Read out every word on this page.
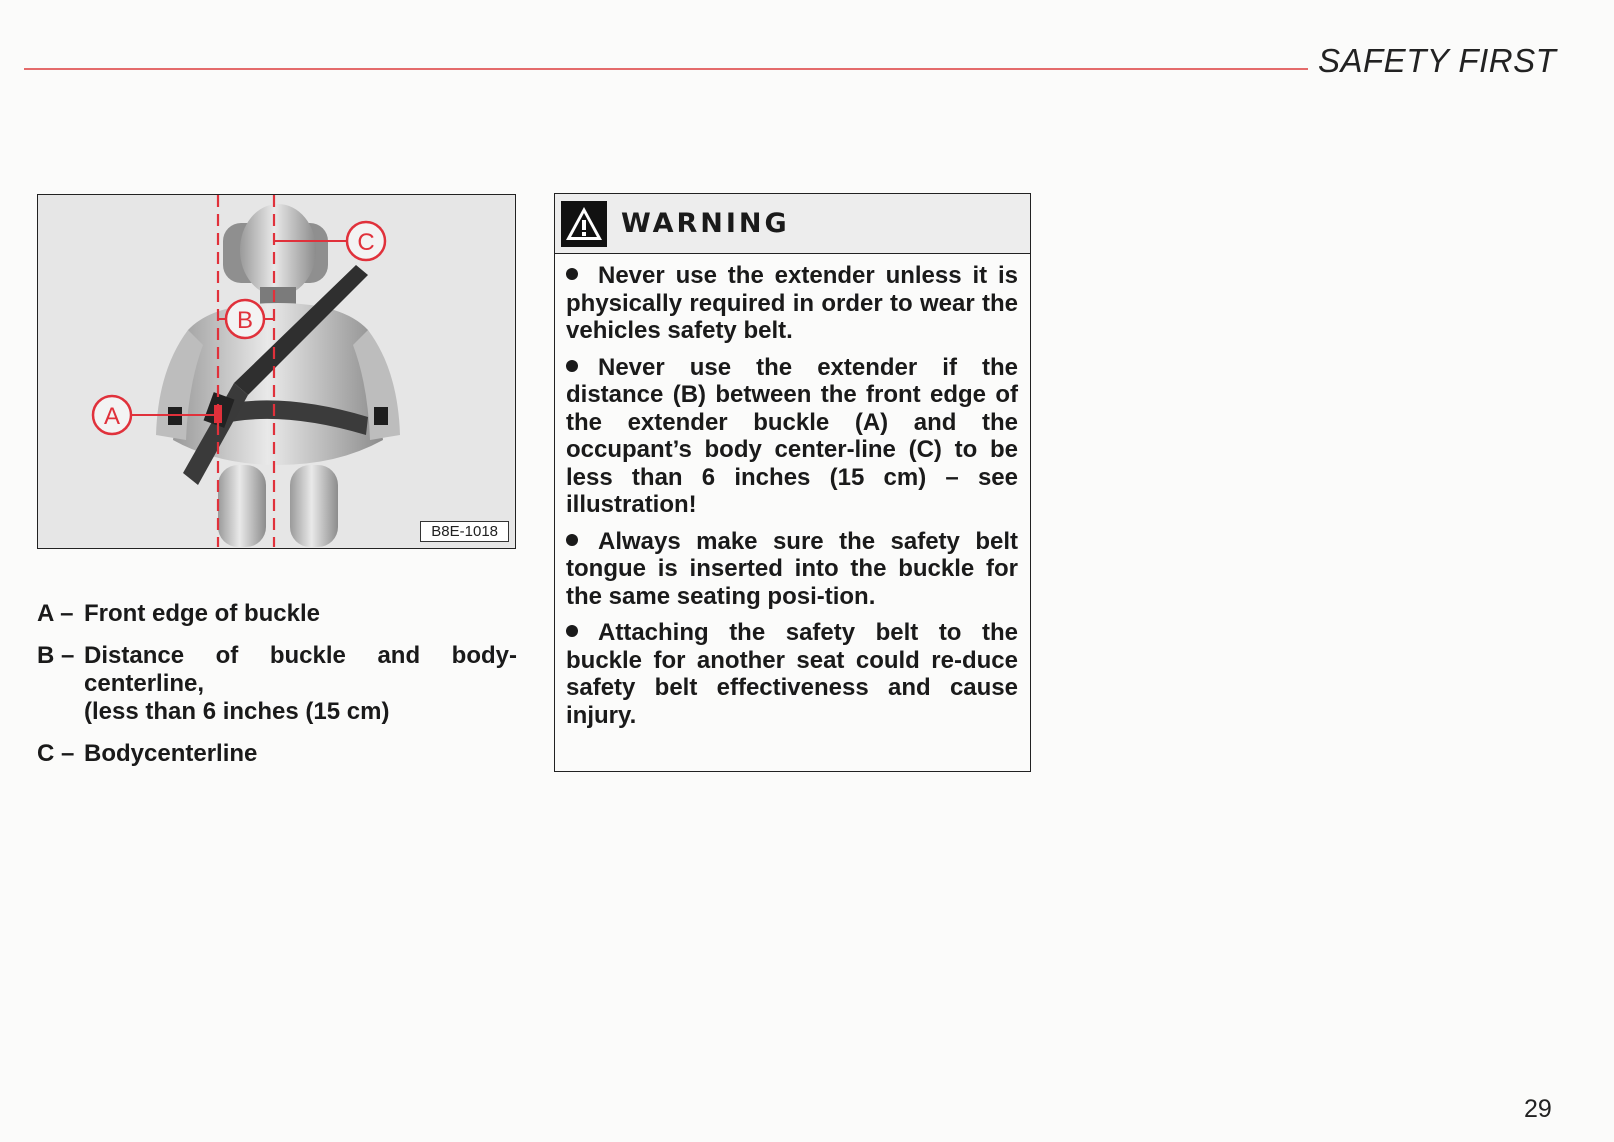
SAFETY FIRST
C
B
A
B8E-1018
A – Front edge of buckle
B – Distance of buckle and body-centerline,
(less than 6 inches (15 cm)
C – Bodycenterline
WARNING

Never use the extender unless it is physically required in order to wear the vehicles safety belt.

Never use the extender if the distance (B) between the front edge of the extender buckle (A) and the occupant’s body center-line (C) to be less than 6 inches (15 cm) – see illustration!

Always make sure the safety belt tongue is inserted into the buckle for the same seating posi-tion.

Attaching the safety belt to the buckle for another seat could re-duce safety belt effectiveness and cause injury.

29
